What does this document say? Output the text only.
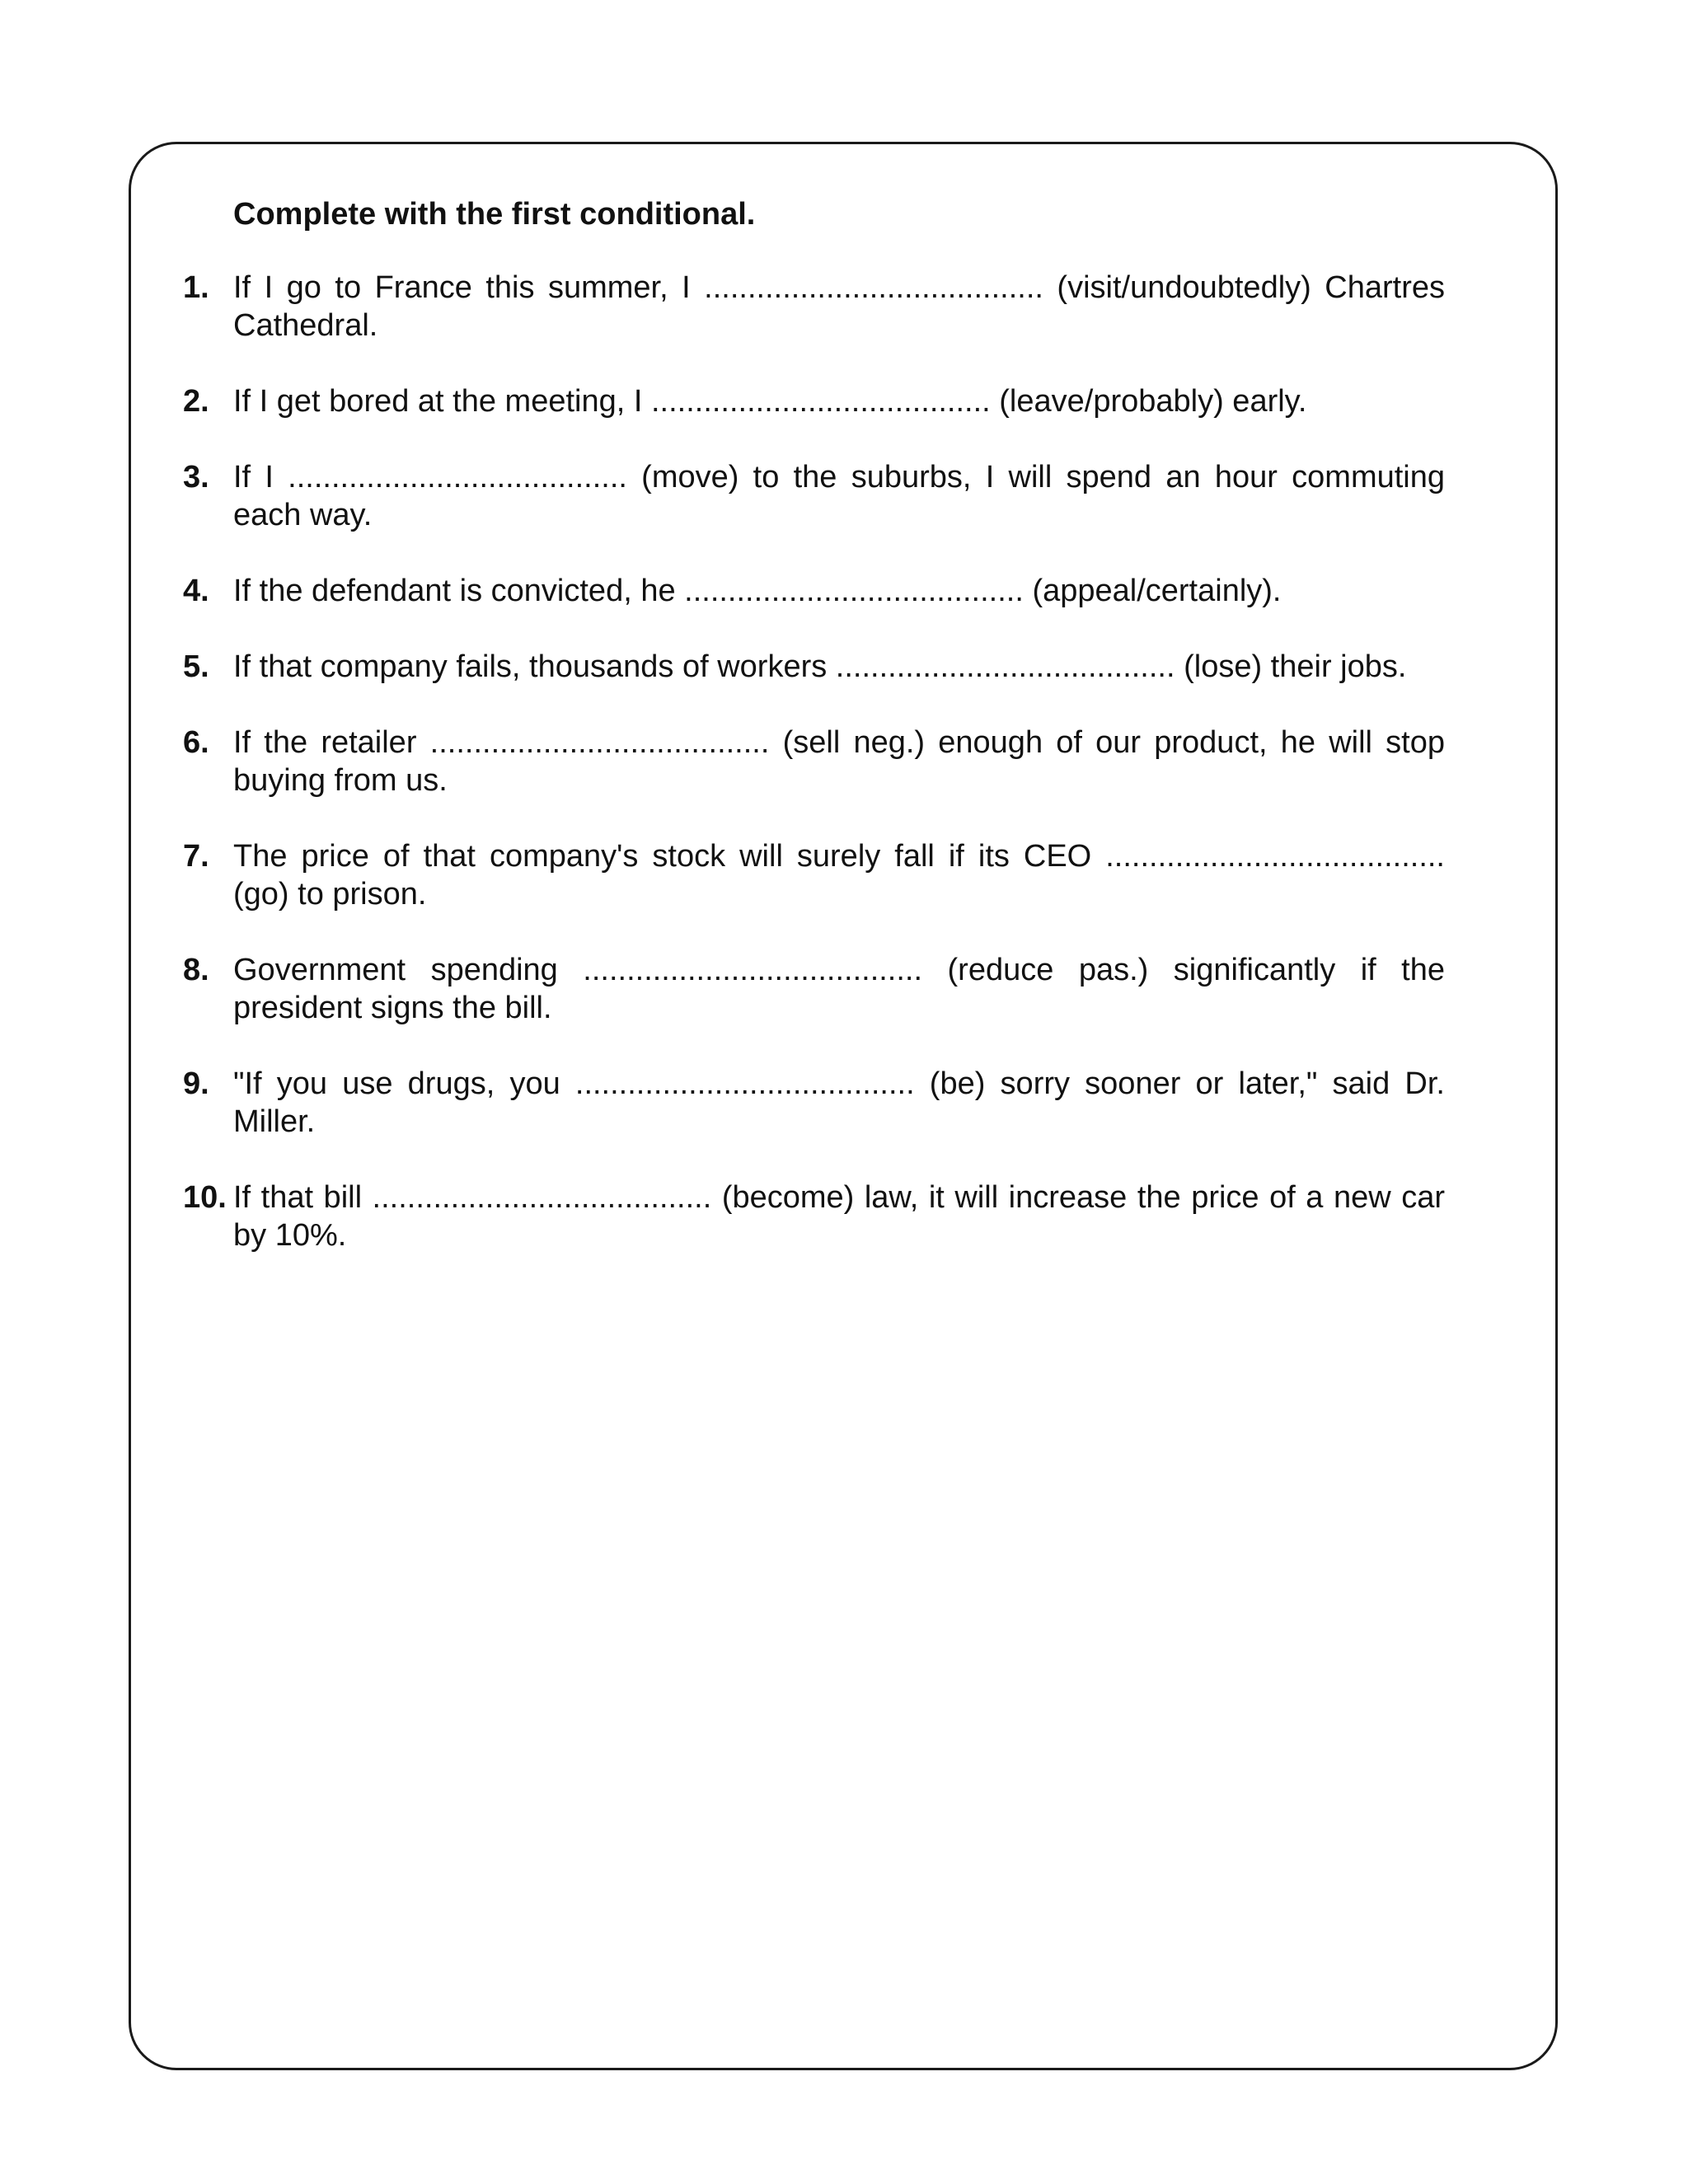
Complete with the first conditional.

1. If I go to France this summer, I ....................................... (visit/undoubtedly) Chartres Cathedral.
2. If I get bored at the meeting, I ....................................... (leave/probably) early.
3. If I ....................................... (move) to the suburbs, I will spend an hour commuting each way.
4. If the defendant is convicted, he ....................................... (appeal/certainly).
5. If that company fails, thousands of workers ....................................... (lose) their jobs.
6. If the retailer ....................................... (sell neg.) enough of our product, he will stop buying from us.
7. The price of that company's stock will surely fall if its CEO ....................................... (go) to prison.
8. Government spending ....................................... (reduce pas.) significantly if the president signs the bill.
9. "If you use drugs, you ....................................... (be) sorry sooner or later," said Dr. Miller.
10. If that bill ....................................... (become) law, it will increase the price of a new car by 10%.
